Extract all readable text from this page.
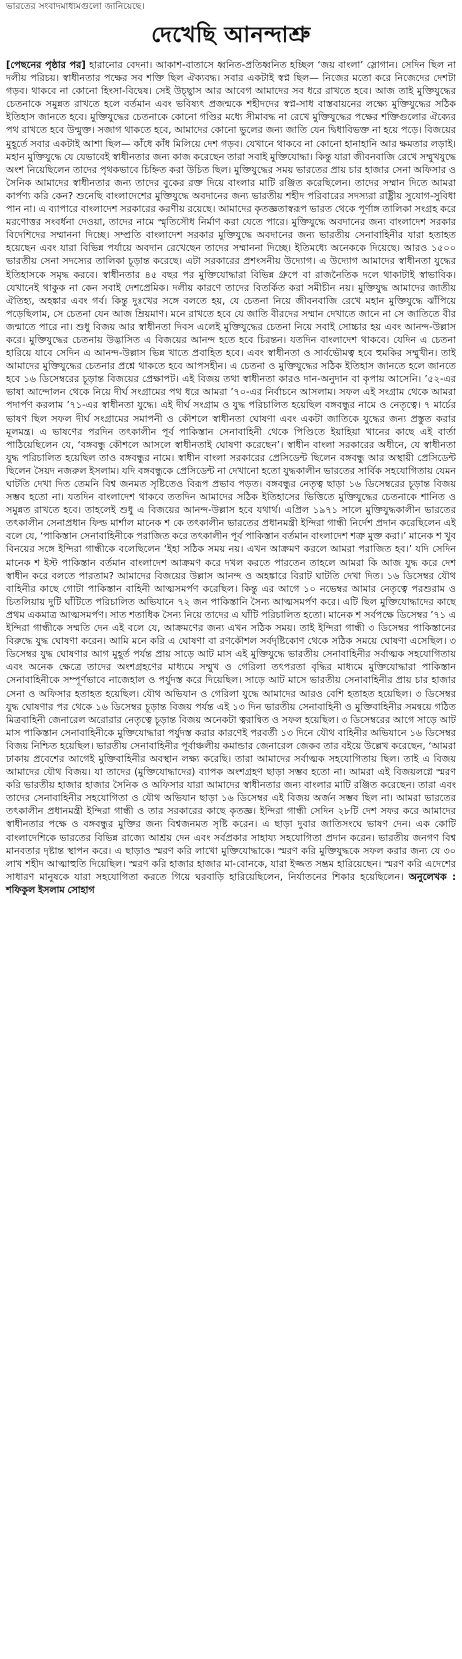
ভারতের সংবাদমাধ্যমগুলো জানিয়েছে।
দেখেছি আনন্দাশ্রু

[পেছনের পৃষ্ঠার পর] হারানোর বেদনা। আকাশ-বাতাসে ধ্বনিত-প্রতিধ্বনিত হচ্ছিল ‘জয় বাংলা’ স্লোগান। সেদিন ছিল না দলীয় পরিচয়। স্বাধীনতার পক্ষের সব শক্তি ছিল ঐক্যবদ্ধ। সবার একটাই স্বপ্ন ছিল— নিজের মতো করে নিজেদের দেশটা গড়ব। থাকবে না কোনো হিংসা-বিদ্বেষ। সেই উচ্ছ্বাস আর আবেগ আমাদের সব ধরে রাখতে হবে। আজ তাই মুক্তিযুদ্ধের চেতনাকে সমুন্নত রাখতে হলে বর্তমান এবং ভবিষ্যৎ প্রজন্মকে শহীদদের স্বপ্ন-সাধ বাস্তবায়নের লক্ষ্যে মুক্তিযুদ্ধের সঠিক ইতিহাস জানতে হবে। মুক্তিযুদ্ধের চেতনাকে কোনো গণ্ডির মধ্যে সীমাবদ্ধ না রেখে মুক্তিযুদ্ধের পক্ষের শক্তিগুলোর ঐক্যের পথ রাখতে হবে উন্মুক্ত। সজাগ থাকতে হবে, আমাদের কোনো ভুলের জন্য জাতি যেন দ্বিধাবিভক্ত না হয়ে পড়ে। বিজয়ের মুহূর্তে সবার একটাই আশা ছিল— কাঁধে কাঁধ মিলিয়ে দেশ গড়ব। যেখানে থাকবে না কোনো হানাহানি আর ক্ষমতার লড়াই। মহান মুক্তিযুদ্ধে যে যেভাবেই স্বাধীনতার জন্য কাজ করেছেন তারা সবাই মুক্তিযোদ্ধা। কিন্তু যারা জীবনবাজি রেখে সম্মুখযুদ্ধে অংশ নিয়েছিলেন তাদের পৃথকভাবে চিহ্নিত করা উচিত ছিল। মুক্তিযুদ্ধের সময় ভারতের প্রায় চার হাজার সেনা অফিসার ও সৈনিক আমাদের স্বাধীনতার জন্য তাদের বুকের রক্ত দিয়ে বাংলার মাটি রঞ্জিত করেছিলেন। তাদের সম্মান দিতে আমরা কার্পণ্য করি কেন? শুনেছি বাংলাদেশের মুক্তিযুদ্ধে অবদানের জন্য ভারতীয় শহীদ পরিবারের সদস্যরা রাষ্ট্রীয় সুযোগ-সুবিধা পান না। এ ব্যাপারে বাংলাদেশ সরকারের করণীয় রয়েছে। আমাদের কৃতজ্ঞতাস্বরূপ ভারত থেকে পূর্ণাঙ্গ তালিকা সংগ্রহ করে মরণোত্তর সংবর্ধনা দেওয়া, তাদের নামে স্মৃতিসৌধ নির্মাণ করা যেতে পারে। মুক্তিযুদ্ধে অবদানের জন্য বাংলাদেশ সরকার বিদেশিদের সম্মাননা দিচ্ছে। সম্প্রতি বাংলাদেশ সরকার মুক্তিযুদ্ধে অবদানের জন্য ভারতীয় সেনাবাহিনীর যারা হতাহত হয়েছেন এবং যারা বিভিন্ন পর্যায়ে অবদান রেখেছেন তাদের সম্মাননা দিচ্ছে। ইতিমধ্যে অনেককে দিয়েছে। আরও ১৫০০ ভারতীয় সেনা সদস্যের তালিকা চূড়ান্ত করেছে। এটা সরকারের প্রশংসনীয় উদ্যোগ। এ উদ্যোগ আমাদের স্বাধীনতা যুদ্ধের ইতিহাসকে সমৃদ্ধ করবে। স্বাধীনতার ৪৫ বছর পর মুক্তিযোদ্ধারা বিভিন্ন গ্রুপে বা রাজনৈতিক দলে থাকাটাই স্বাভাবিক। যেখানেই থাকুক না কেন সবাই দেশপ্রেমিক। দলীয় কারণে তাদের বিতর্কিত করা সমীচীন নয়। মুক্তিযুদ্ধ আমাদের জাতীয় ঐতিহ্য, অহঙ্কার এবং গর্ব। কিন্তু দুঃখের সঙ্গে বলতে হয়, যে চেতনা নিয়ে জীবনবাজি রেখে মহান মুক্তিযুদ্ধে ঝাঁপিয়ে পড়েছিলাম, সে চেতনা যেন আজ ম্রিয়মাণ। মনে রাখতে হবে যে জাতি বীরদের সম্মান দেখাতে জানে না সে জাতিতে বীর জন্মাতে পারে না। শুধু বিজয় আর স্বাধীনতা দিবস এলেই মুক্তিযুদ্ধের চেতনা নিয়ে সবাই সোচ্চার হয় এবং আনন্দ-উল্লাস করে। মুক্তিযুদ্ধের চেতনায় উদ্ভাসিত এ বিজয়ের আনন্দ হতে হবে চিরন্তন। যতদিন বাংলাদেশ থাকবে। যেদিন এ চেতনা হারিয়ে যাবে সেদিন এ আনন্দ-উল্লাস ভিন্ন খাতে প্রবাহিত হবে। এবং স্বাধীনতা ও সার্বভৌমত্ব হবে হুমকির সম্মুখীন। তাই আমাদের মুক্তিযুদ্ধের চেতনার প্রশ্নে থাকতে হবে আপসহীন। এ চেতনা ও মুক্তিযুদ্ধের সঠিক ইতিহাস জানতে হলে জানতে হবে ১৬ ডিসেম্বরের চূড়ান্ত বিজয়ের প্রেক্ষাপট। এই বিজয় তথা স্বাধীনতা কারও দান-অনুদান বা কৃপায় আসেনি। ’৫২-এর ভাষা আন্দোলন থেকে নিয়ে দীর্ঘ সংগ্রামের পথ ধরে আমরা ’৭০-এর নির্বাচনে আসলাম। সফল এই সংগ্রাম থেকে আমরা পদার্পণ করলাম ’৭১-এর স্বাধীনতা যুদ্ধে। এই দীর্ঘ সংগ্রাম ও যুদ্ধ পরিচালিত হয়েছিল বঙ্গবন্ধুর নামে ও নেতৃত্বে। ৭ মার্চের ভাষণ ছিল সফল দীর্ঘ সংগ্রামের সমাপনী ও কৌশলে স্বাধীনতা ঘোষণা এবং একটা জাতিকে যুদ্ধের জন্য প্রস্তুত করার মূলমন্ত্র। এ ভাষণের পরদিন তৎকালীন পূর্ব পাকিস্তান সেনাবাহিনী থেকে পিণ্ডিতে ইয়াহিয়া খানের কাছে এই বার্তা পাঠিয়েছিলেন যে, ‘বঙ্গবন্ধু কৌশলে আসলে স্বাধীনতাই ঘোষণা করেছেন’। স্বাধীন বাংলা সরকারের অধীনে, যে স্বাধীনতা যুদ্ধ পরিচালিত হয়েছিল তাও বঙ্গবন্ধুর নামে। স্বাধীন বাংলা সরকারের প্রেসিডেন্ট ছিলেন বঙ্গবন্ধু আর অস্থায়ী প্রেসিডেন্ট ছিলেন সৈয়দ নজরুল ইসলাম। যদি বঙ্গবন্ধুকে প্রেসিডেন্ট না দেখানো হতো যুদ্ধকালীন ভারতের সার্বিক সহযোগিতায় যেমন ঘাটতি দেখা দিত তেমনি বিশ্ব জনমত সৃষ্টিতেও বিরূপ প্রভাব পড়ত। বঙ্গবন্ধুর নেতৃত্ব ছাড়া ১৬ ডিসেম্বরের চূড়ান্ত বিজয় সম্ভব হতো না। যতদিন বাংলাদেশ থাকবে ততদিন আমাদের সঠিক ইতিহাসের ভিত্তিতে মুক্তিযুদ্ধের চেতনাকে শানিত ও সমুন্নত রাখতে হবে। তাহলেই শুধু এ বিজয়ের আনন্দ-উল্লাস হবে যথার্থ। এপ্রিল ১৯৭১ সালে মুক্তিযুদ্ধকালীন ভারতের তৎকালীন সেনাপ্রধান ফিল্ড মার্শাল মানেক শ কে তৎকালীন ভারতের প্রধানমন্ত্রী ইন্দিরা গান্ধী নির্দেশ প্রদান করেছিলেন এই বলে যে, ‘পাকিস্তান সেনাবাহিনীকে পরাজিত করে তৎকালীন পূর্ব পাকিস্তান বর্তমান বাংলাদেশ শত্রু মুক্ত করা।’ মানেক শ খুব বিনয়ের সঙ্গে ইন্দিরা গান্ধীকে বলেছিলেন ‘ইহা সঠিক সময় নয়। এখন আক্রমণ করলে আমরা পরাজিত হব।’ যদি সেদিন মানেক শ ইস্ট পাকিস্তান বর্তমান বাংলাদেশ আক্রমণ করে দখল করতে পারতেন তাহলে আমরা কি আজ যুদ্ধ করে দেশ স্বাধীন করে বলতে পারতাম? আমাদের বিজয়ের উল্লাস আনন্দ ও অহঙ্কারে বিরাট ঘাটতি দেখা দিত। ১৬ ডিসেম্বর যৌথ বাহিনীর কাছে গোটা পাকিস্তান বাহিনী আত্মসমর্পণ করেছিল। কিন্তু এর আগে ১০ নভেম্বর আমার নেতৃত্বে পরশুরাম ও চিতলিয়ায় দুটি ঘাঁটিতে পরিচালিত অভিযানে ৭২ জন পাকিস্তানি সৈন্য আত্মসমর্পণ করে। এটি ছিল মুক্তিযোদ্ধাদের কাছে প্রথম একমাত্র আত্মসমর্পণ। সাত শতাধিক সৈন্য নিয়ে তাদের এ ঘাঁটি পরিচালিত হতো। মানেক শ সর্বপক্ষে ডিসেম্বর ’৭১ এ ইন্দিরা গান্ধীকে সম্মতি দেন এই বলে যে, আক্রমণের জন্য এখন সঠিক সময়। তাই ইন্দিরা গান্ধী ৩ ডিসেম্বর পাকিস্তানের বিরুদ্ধে যুদ্ধ ঘোষণা করেন। আমি মনে করি এ ঘোষণা বা রণকৌশল সর্বদৃষ্টিকোণ থেকে সঠিক সময়ে ঘোষণা এসেছিল। ৩ ডিসেম্বর যুদ্ধ ঘোষণার আগ মুহূর্ত পর্যন্ত প্রায় সাড়ে আট মাস এই মুক্তিযুদ্ধে ভারতীয় সেনাবাহিনীর সর্বাত্মক সহযোগিতায় এবং অনেক ক্ষেত্রে তাদের অংশগ্রহণের মাধ্যমে সম্মুখ ও গেরিলা তৎপরতা বৃদ্ধির মাধ্যমে মুক্তিযোদ্ধারা পাকিস্তান সেনাবাহিনীকে সম্পূর্ণভাবে নাজেহাল ও পর্যুদস্ত করে দিয়েছিল। সাড়ে আট মাসে ভারতীয় সেনাবাহিনীর প্রায় চার হাজার সেনা ও অফিসার হতাহত হয়েছিল। যৌথ অভিযান ও গেরিলা যুদ্ধে আমাদের আরও বেশি হতাহত হয়েছিল। ৩ ডিসেম্বর যুদ্ধ ঘোষণার পর থেকে ১৬ ডিসেম্বর চূড়ান্ত বিজয় পর্যন্ত এই ১৩ দিন ভারতীয় সেনাবাহিনী ও মুক্তিবাহিনীর সমন্বয়ে গঠিত মিত্রবাহিনী জেনারেল অরোরার নেতৃত্বে চূড়ান্ত বিজয় অনেকটা ত্বরান্বিত ও সফল হয়েছিল। ৩ ডিসেম্বরের আগে সাড়ে আট মাস পাকিস্তান সেনাবাহিনীকে মুক্তিযোদ্ধারা পর্যুদস্ত করার কারণেই পরবর্তী ১৩ দিনে যৌথ বাহিনীর অভিযানে ১৬ ডিসেম্বর বিজয় নিশ্চিত হয়েছিল। ভারতীয় সেনাবাহিনীর পূর্বাঞ্চলীয় কমান্ডার জেনারেল জেকব তার বইয়ে উল্লেখ করেছেন, ‘আমরা ঢাকায় প্রবেশের আগেই মুক্তিবাহিনীর অবস্থান লক্ষ্য করেছি। তারা আমাদের সর্বাত্মক সহযোগিতায় ছিল। তাই এ বিজয় আমাদের যৌথ বিজয়। যা তাদের (মুক্তিযোদ্ধাদের) ব্যাপক অংশগ্রহণ ছাড়া সম্ভব হতো না। আমরা এই বিজয়লগ্নে স্মরণ করি ভারতীয় হাজার হাজার সৈনিক ও অফিসার যারা আমাদের স্বাধীনতার জন্য বাংলার মাটি রঞ্জিত করেছেন। তারা এবং তাদের সেনাবাহিনীর সহযোগিতা ও যৌথ অভিযান ছাড়া ১৬ ডিসেম্বর এই বিজয় অর্জন সম্ভব ছিল না। আমরা ভারতের তৎকালীন প্রধানমন্ত্রী ইন্দিরা গান্ধী ও তার সরকারের কাছে কৃতজ্ঞ। ইন্দিরা গান্ধী সেদিন ২৮টি দেশ সফর করে আমাদের স্বাধীনতার পক্ষে ও বঙ্গবন্ধুর মুক্তির জন্য বিশ্বজনমত সৃষ্টি করেন। এ ছাড়া দুবার জাতিসংঘে ভাষণ দেন। এক কোটি বাংলাদেশিকে ভারতের বিভিন্ন রাজ্যে আশ্রয় দেন এবং সর্বপ্রকার সাহায্য সহযোগিতা প্রদান করেন। ভারতীয় জনগণ বিশ্ব মানবতার দৃষ্টান্ত স্থাপন করে। এ ছাড়াও স্মরণ করি লাখো মুক্তিযোদ্ধাকে। স্মরণ করি মুক্তিযুদ্ধকে সফল করার জন্য যে ৩০ লাখ শহীদ আত্মাহুতি দিয়েছিল। স্মরণ করি হাজার হাজার মা-বোনকে, যারা ইজ্জত সম্ভ্রম হারিয়েছেন। স্মরণ করি এদেশের সাধারণ মানুষকে যারা সহযোগিতা করতে গিয়ে ঘরবাড়ি হারিয়েছিলেন, নির্যাতনের শিকার হয়েছিলেন। অনুলেখক : শফিকুল ইসলাম সোহাগ
